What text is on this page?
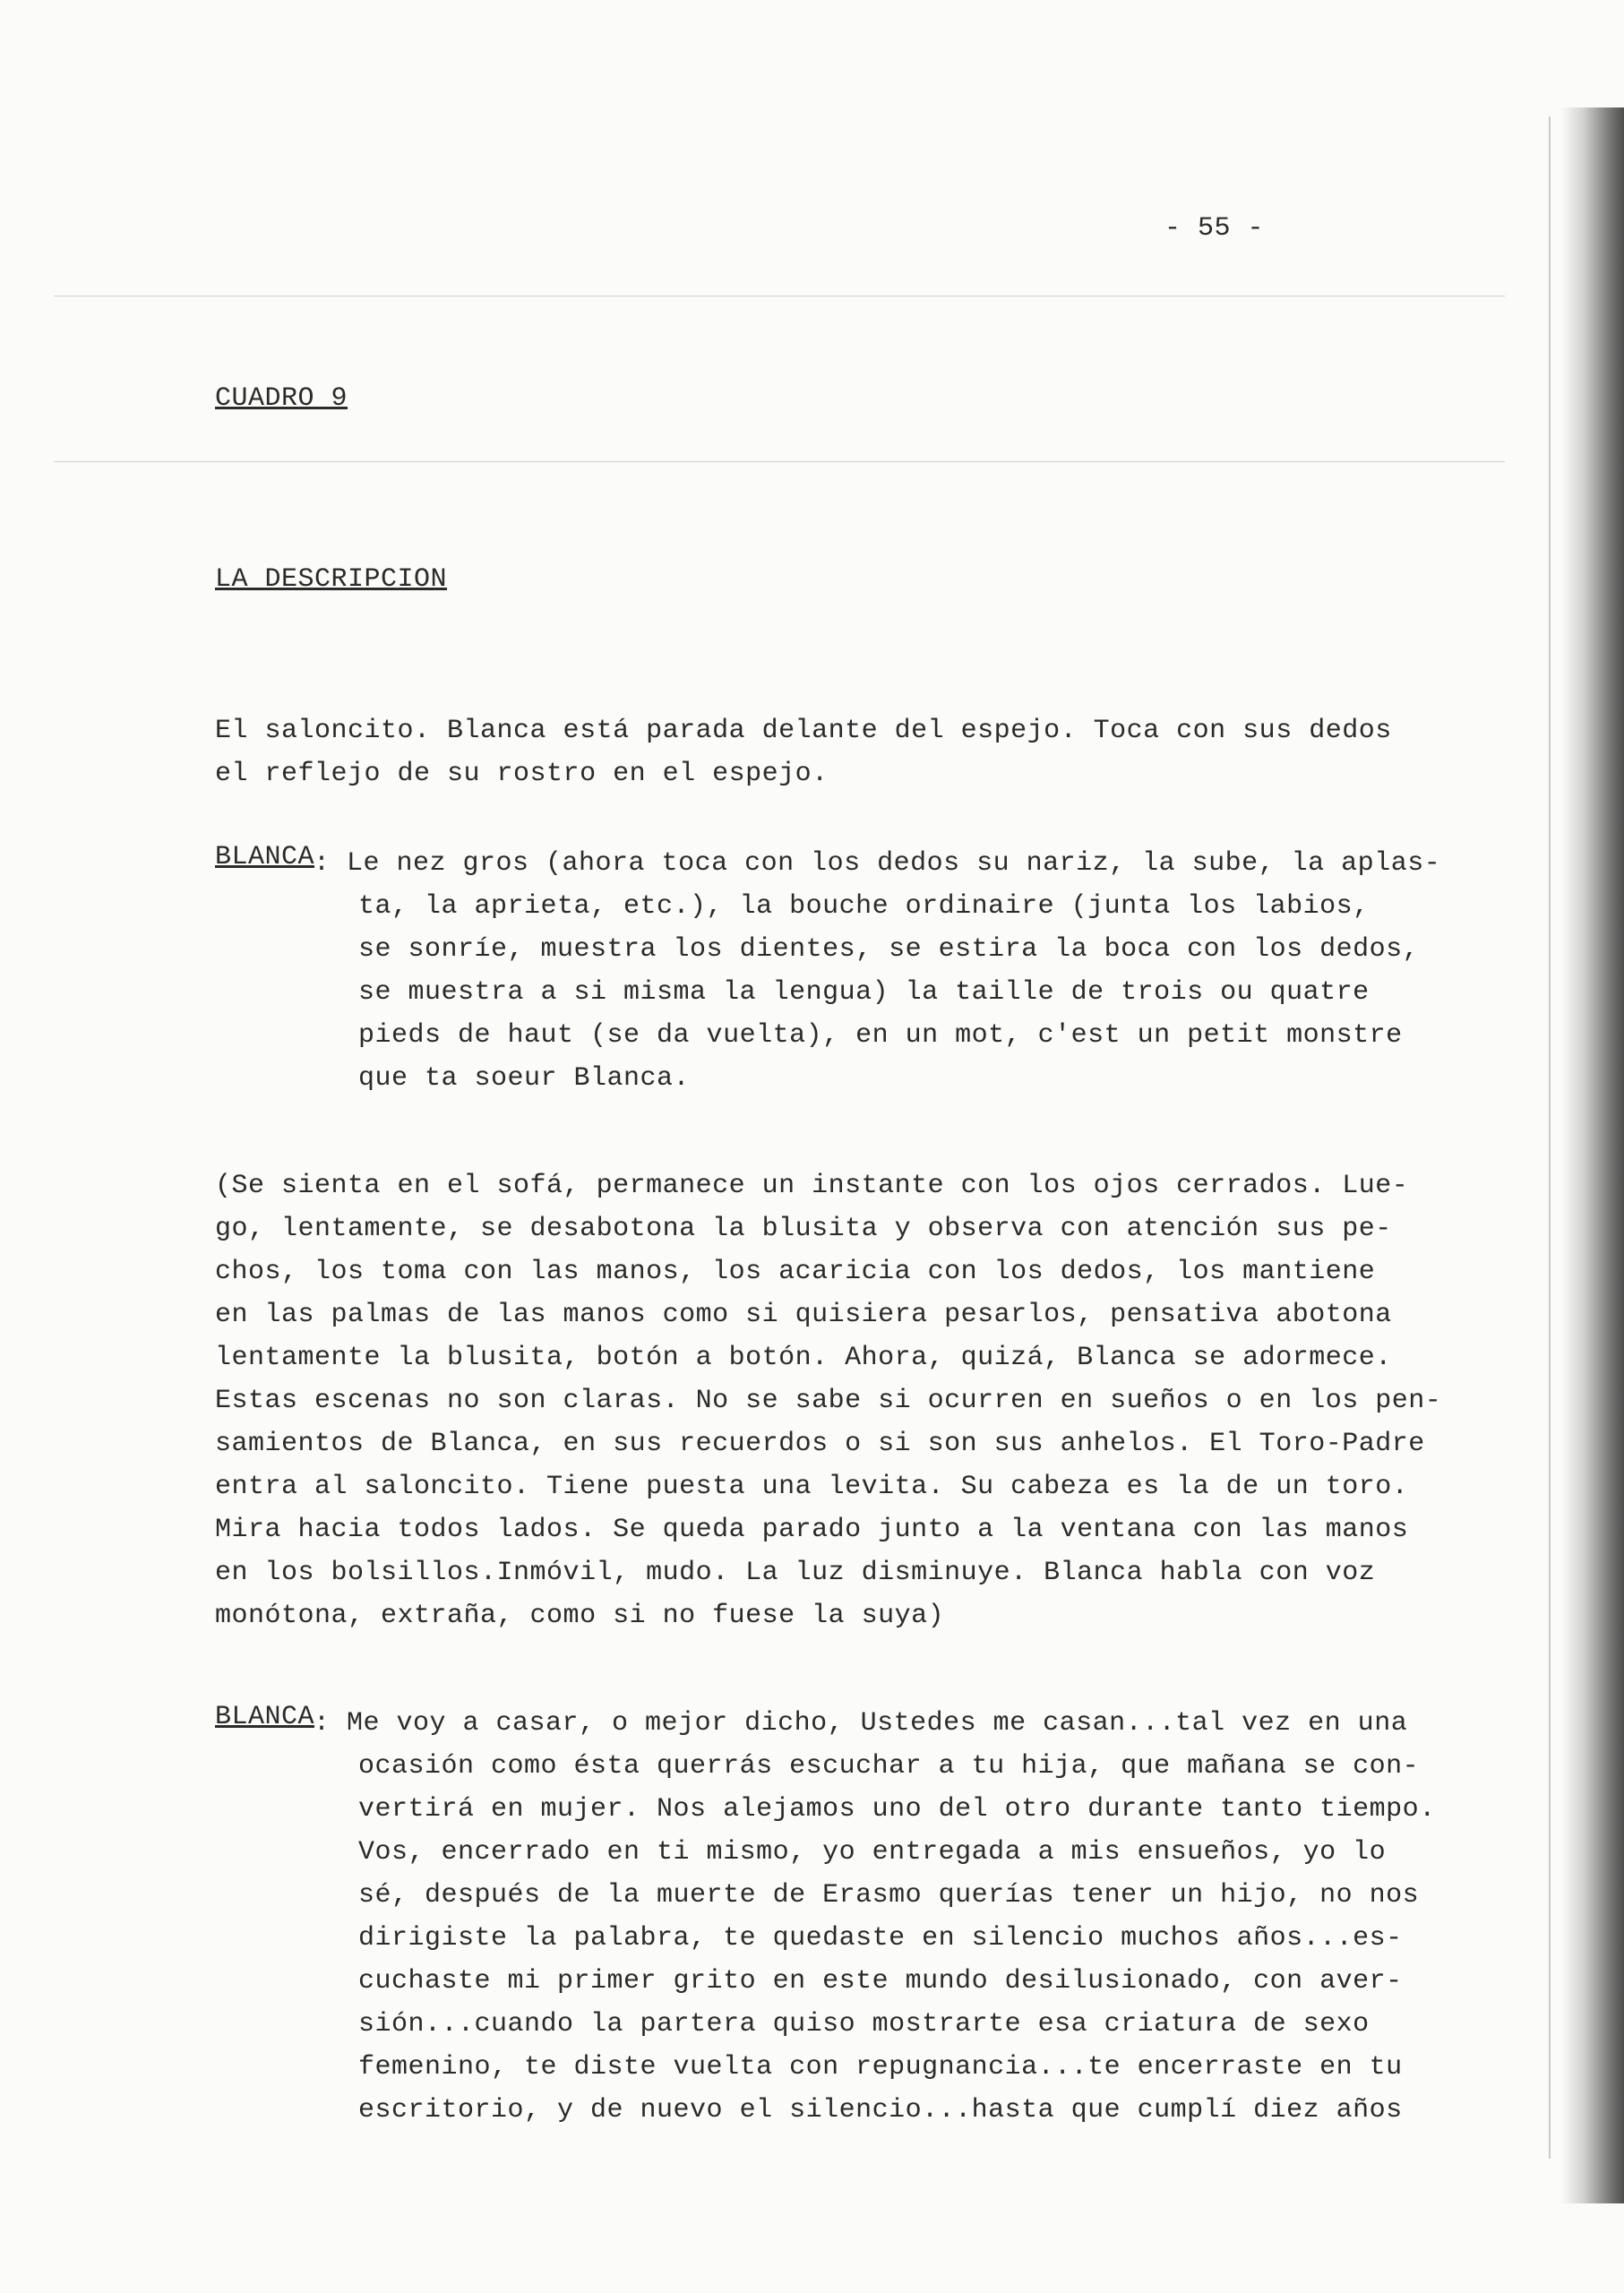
- 55 -
CUADRO 9
LA DESCRIPCION
El saloncito. Blanca está parada delante del espejo. Toca con sus dedos
el reflejo de su rostro en el espejo.
BLANCA
: Le nez gros (ahora toca con los dedos su nariz, la sube, la aplas-
ta, la aprieta, etc.), la bouche ordinaire (junta los labios,
se sonríe, muestra los dientes, se estira la boca con los dedos,
se muestra a si misma la lengua) la taille de trois ou quatre
pieds de haut (se da vuelta), en un mot, c'est un petit monstre
que ta soeur Blanca.
(Se sienta en el sofá, permanece un instante con los ojos cerrados. Lue-
go, lentamente, se desabotona la blusita y observa con atención sus pe-
chos, los toma con las manos, los acaricia con los dedos, los mantiene
en las palmas de las manos como si quisiera pesarlos, pensativa abotona
lentamente la blusita, botón a botón. Ahora, quizá, Blanca se adormece.
Estas escenas no son claras. No se sabe si ocurren en sueños o en los pen-
samientos de Blanca, en sus recuerdos o si son sus anhelos. El Toro-Padre
entra al saloncito. Tiene puesta una levita. Su cabeza es la de un toro.
Mira hacia todos lados. Se queda parado junto a la ventana con las manos
en los bolsillos.Inmóvil, mudo. La luz disminuye. Blanca habla con voz
monótona, extraña, como si no fuese la suya)
BLANCA
: Me voy a casar, o mejor dicho, Ustedes me casan...tal vez en una
ocasión como ésta querrás escuchar a tu hija, que mañana se con-
vertirá en mujer. Nos alejamos uno del otro durante tanto tiempo.
Vos, encerrado en ti mismo, yo entregada a mis ensueños, yo lo
sé, después de la muerte de Erasmo querías tener un hijo, no nos
dirigiste la palabra, te quedaste en silencio muchos años...es-
cuchaste mi primer grito en este mundo desilusionado, con aver-
sión...cuando la partera quiso mostrarte esa criatura de sexo
femenino, te diste vuelta con repugnancia...te encerraste en tu
escritorio, y de nuevo el silencio...hasta que cumplí diez años
